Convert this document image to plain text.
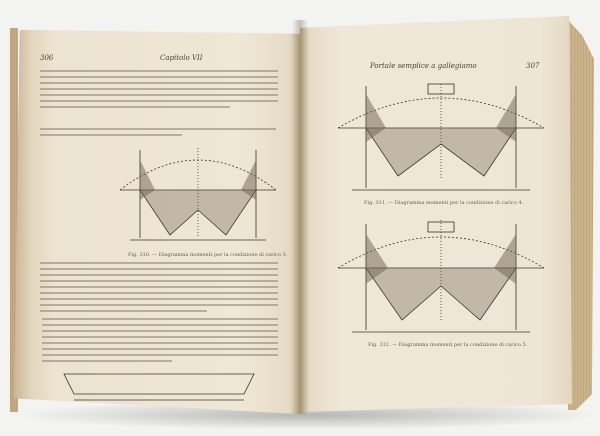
306	Capitolo VII
Fig. 310. — Diagramma momenti per la condizione di carico 3.
Portale semplice a gallegiamo	307
Fig. 311. — Diagramma momenti per la condizione di carico 4.
Fig. 312. — Diagramma momenti per la condizione di carico 5.
